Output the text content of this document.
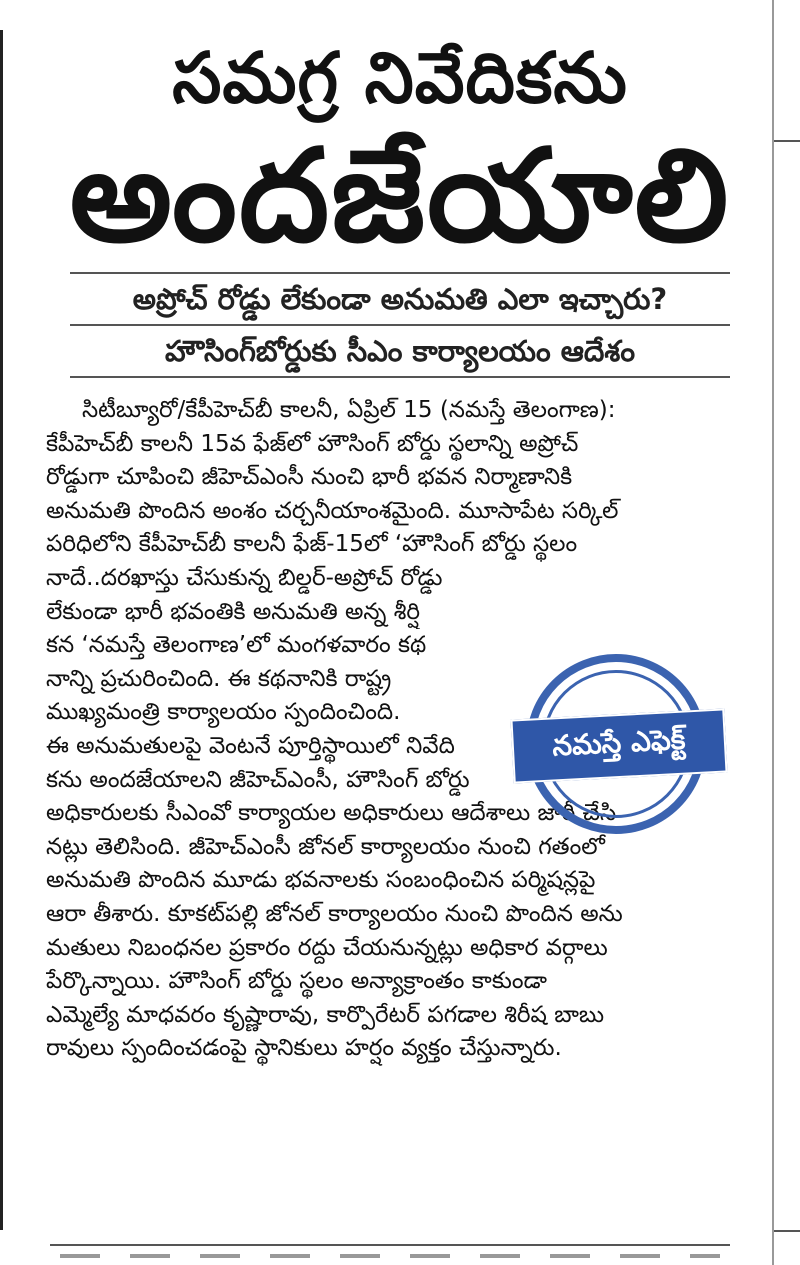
సమగ్ర నివేదికను
అందజేయాలి
అప్రోచ్ రోడ్డు లేకుండా అనుమతి ఎలా ఇచ్చారు?
హౌసింగ్‌బోర్డుకు సీఎం కార్యాలయం ఆదేశం
సిటీబ్యూరో/కేపీహెచ్‌బీ కాలనీ, ఏప్రిల్ 15 (నమస్తే తెలంగాణ):
కేపీహెచ్‌బీ కాలనీ 15వ ఫేజ్‌లో హౌసింగ్ బోర్డు స్థలాన్ని అప్రోచ్
రోడ్డుగా చూపించి జీహెచ్‌ఎంసీ నుంచి భారీ భవన నిర్మాణానికి
అనుమతి పొందిన అంశం చర్చనీయాంశమైంది. మూసాపేట సర్కిల్
పరిధిలోని కేపీహెచ్‌బీ కాలనీ ఫేజ్-15లో ‘హౌసింగ్ బోర్డు స్థలం
నాదే..దరఖాస్తు చేసుకున్న బిల్డర్-అప్రోచ్ రోడ్డు
లేకుండా భారీ భవంతికి అనుమతి అన్న శీర్షి
కన ‘నమస్తే తెలంగాణ’లో మంగళవారం కథ
నాన్ని ప్రచురించింది. ఈ కథనానికి రాష్ట్ర
ముఖ్యమంత్రి కార్యాలయం స్పందించింది.
ఈ అనుమతులపై వెంటనే పూర్తిస్థాయిలో నివేది
కను అందజేయాలని జీహెచ్‌ఎంసీ, హౌసింగ్ బోర్డు
అధికారులకు సీఎంవో కార్యాయల అధికారులు ఆదేశాలు జారీ చేసి
నట్లు తెలిసింది. జీహెచ్‌ఎంసీ జోనల్ కార్యాలయం నుంచి గతంలో
అనుమతి పొందిన మూడు భవనాలకు సంబంధించిన పర్మిషన్లపై
ఆరా తీశారు. కూకట్‌పల్లి జోనల్ కార్యాలయం నుంచి పొందిన అను
మతులు నిబంధనల ప్రకారం రద్దు చేయనున్నట్లు అధికార వర్గాలు
పేర్కొన్నాయి. హౌసింగ్ బోర్డు స్థలం అన్యాక్రాంతం కాకుండా
ఎమ్మెల్యే మాధవరం కృష్ణారావు, కార్పొరేటర్ పగడాల శిరీష బాబు
రావులు స్పందించడంపై స్థానికులు హర్షం వ్యక్తం చేస్తున్నారు.
నమస్తే ఎఫెక్ట్
